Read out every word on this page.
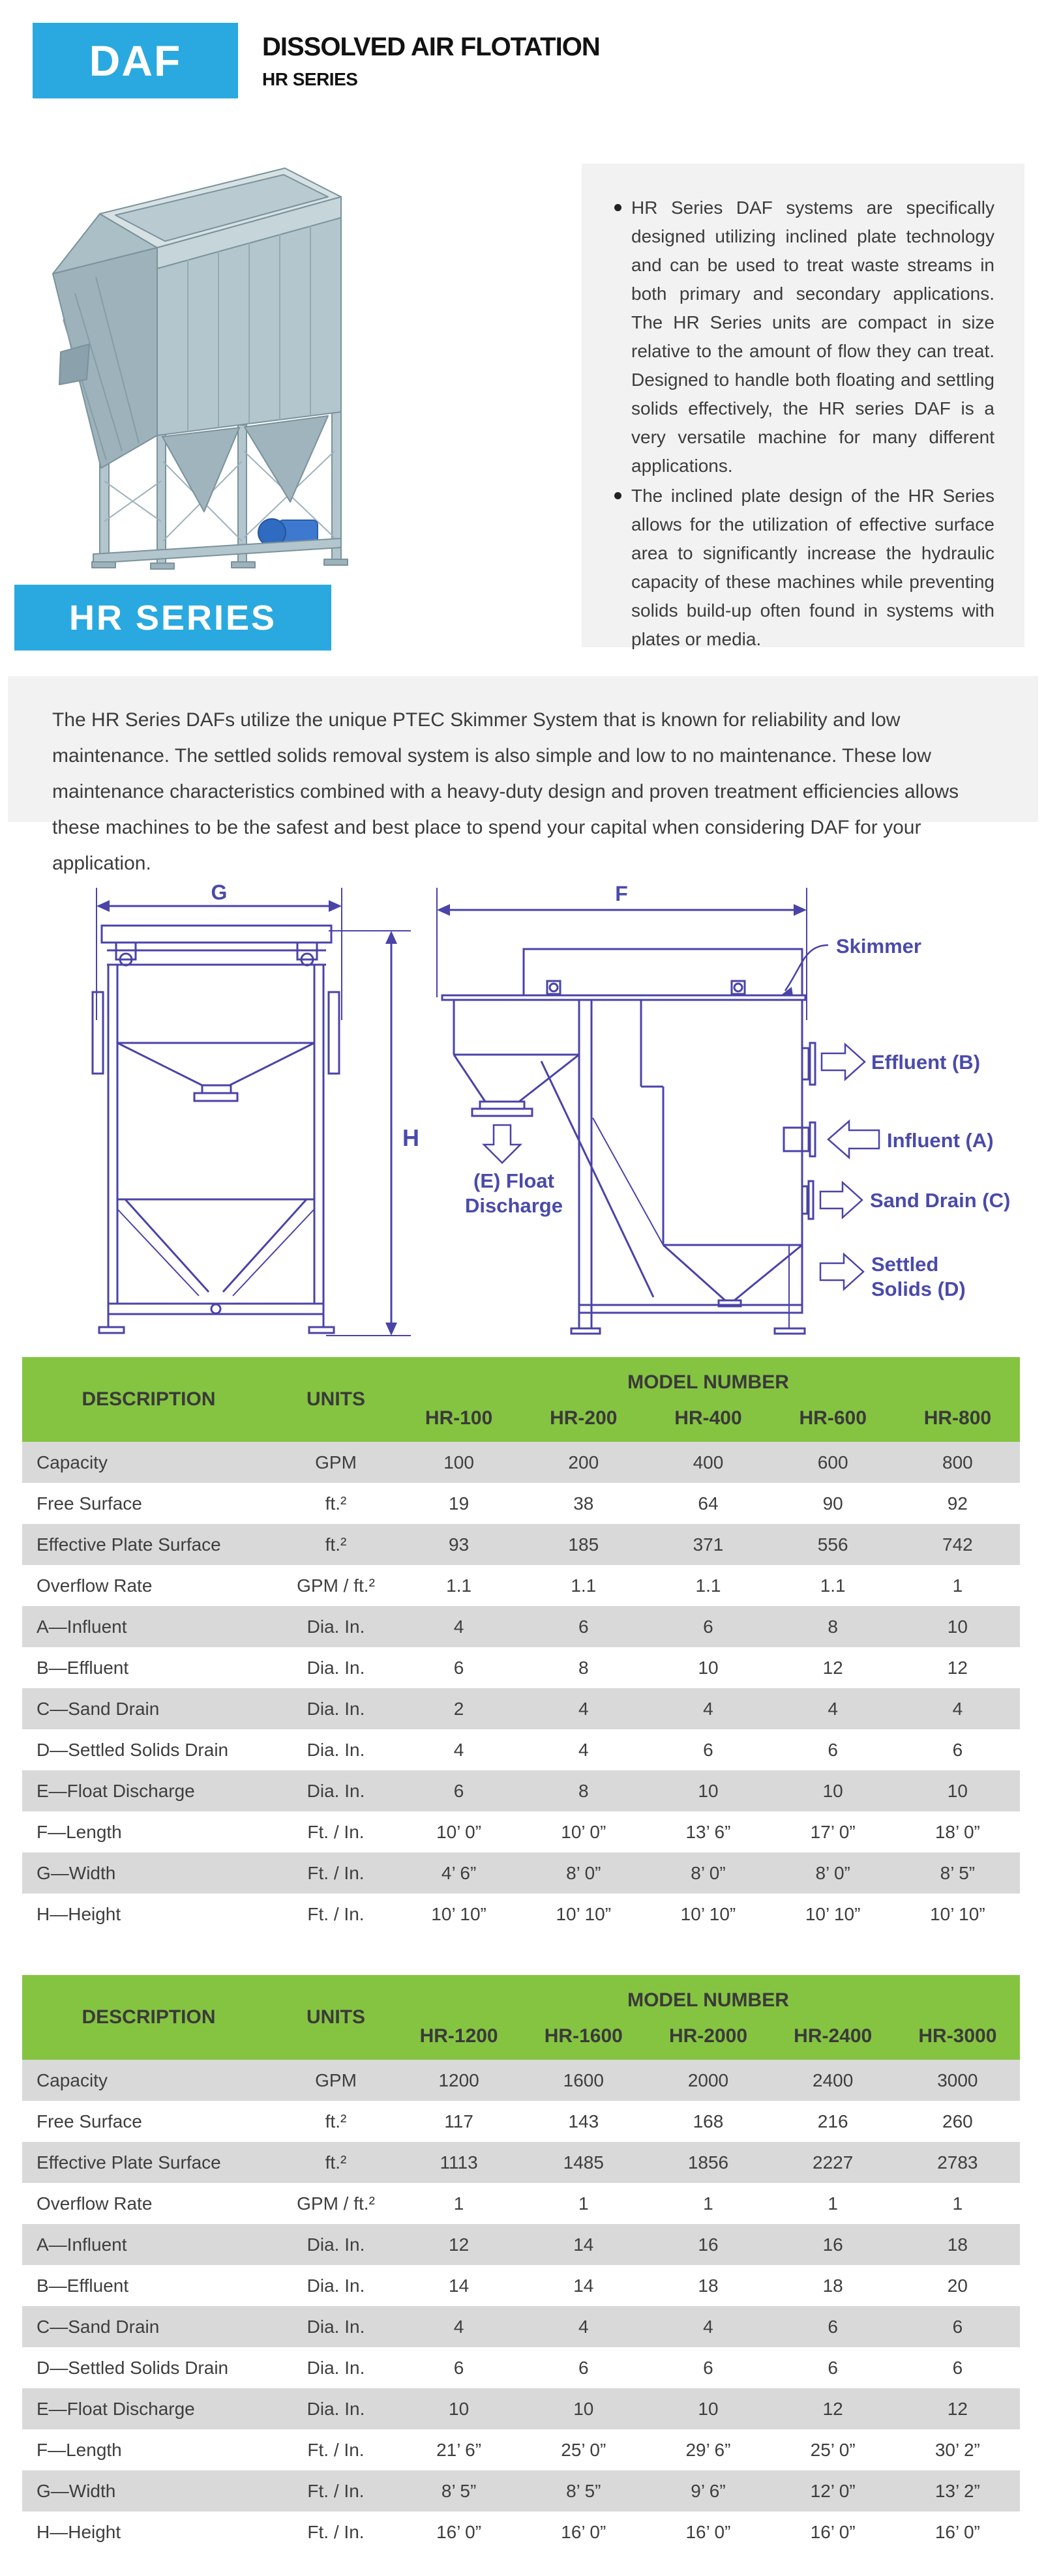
DAF	DISSOLVED AIR FLOTATION
HR SERIES
HR Series DAF systems are specifically designed utilizing inclined plate technology and can be used to treat waste streams in both primary and secondary applications. The HR Series units are compact in size relative to the amount of flow they can treat. Designed to handle both floating and settling solids effectively, the HR series DAF is a very versatile machine for many different applications.
The inclined plate design of the HR Series allows for the utilization of effective surface area to significantly increase the hydraulic capacity of these machines while preventing solids build-up often found in systems with plates or media.
HR SERIES
The HR Series DAFs utilize the unique PTEC Skimmer System that is known for reliability and low maintenance. The settled solids removal system is also simple and low to no maintenance. These low maintenance characteristics combined with a heavy-duty design and proven treatment efficiencies allows these machines to be the safest and best place to spend your capital when considering DAF for your application.
G
H
F
Skimmer
Effluent (B)
Influent (A)
Sand Drain (C)
Settled
Solids (D)
(E) Float
Discharge
DESCRIPTION	UNITS
MODEL NUMBER
HR-100	HR-200	HR-400	HR-600	HR-800
Capacity	GPM	100	200	400	600	800
Free Surface	ft.²	19	38	64	90	92
Effective Plate Surface	ft.²	93	185	371	556	742
Overflow Rate	GPM / ft.²	1.1	1.1	1.1	1.1	1
A—Influent	Dia. In.	4	6	6	8	10
B—Effluent	Dia. In.	6	8	10	12	12
C—Sand Drain	Dia. In.	2	4	4	4	4
D—Settled Solids Drain	Dia. In.	4	4	6	6	6
E—Float Discharge	Dia. In.	6	8	10	10	10
F—Length	Ft. / In.	10’ 0”	10’ 0”	13’ 6”	17’ 0”	18’ 0”
G—Width	Ft. / In.	4’ 6”	8’ 0”	8’ 0”	8’ 0”	8’ 5”
H—Height	Ft. / In.	10’ 10”	10’ 10”	10’ 10”	10’ 10”	10’ 10”
DESCRIPTION	UNITS
MODEL NUMBER
HR-1200	HR-1600	HR-2000	HR-2400	HR-3000
Capacity	GPM	1200	1600	2000	2400	3000
Free Surface	ft.²	117	143	168	216	260
Effective Plate Surface	ft.²	1113	1485	1856	2227	2783
Overflow Rate	GPM / ft.²	1	1	1	1	1
A—Influent	Dia. In.	12	14	16	16	18
B—Effluent	Dia. In.	14	14	18	18	20
C—Sand Drain	Dia. In.	4	4	4	6	6
D—Settled Solids Drain	Dia. In.	6	6	6	6	6
E—Float Discharge	Dia. In.	10	10	10	12	12
F—Length	Ft. / In.	21’ 6”	25’ 0”	29’ 6”	25’ 0”	30’ 2”
G—Width	Ft. / In.	8’ 5”	8’ 5”	9’ 6”	12’ 0”	13’ 2”
H—Height	Ft. / In.	16’ 0”	16’ 0”	16’ 0”	16’ 0”	16’ 0”
